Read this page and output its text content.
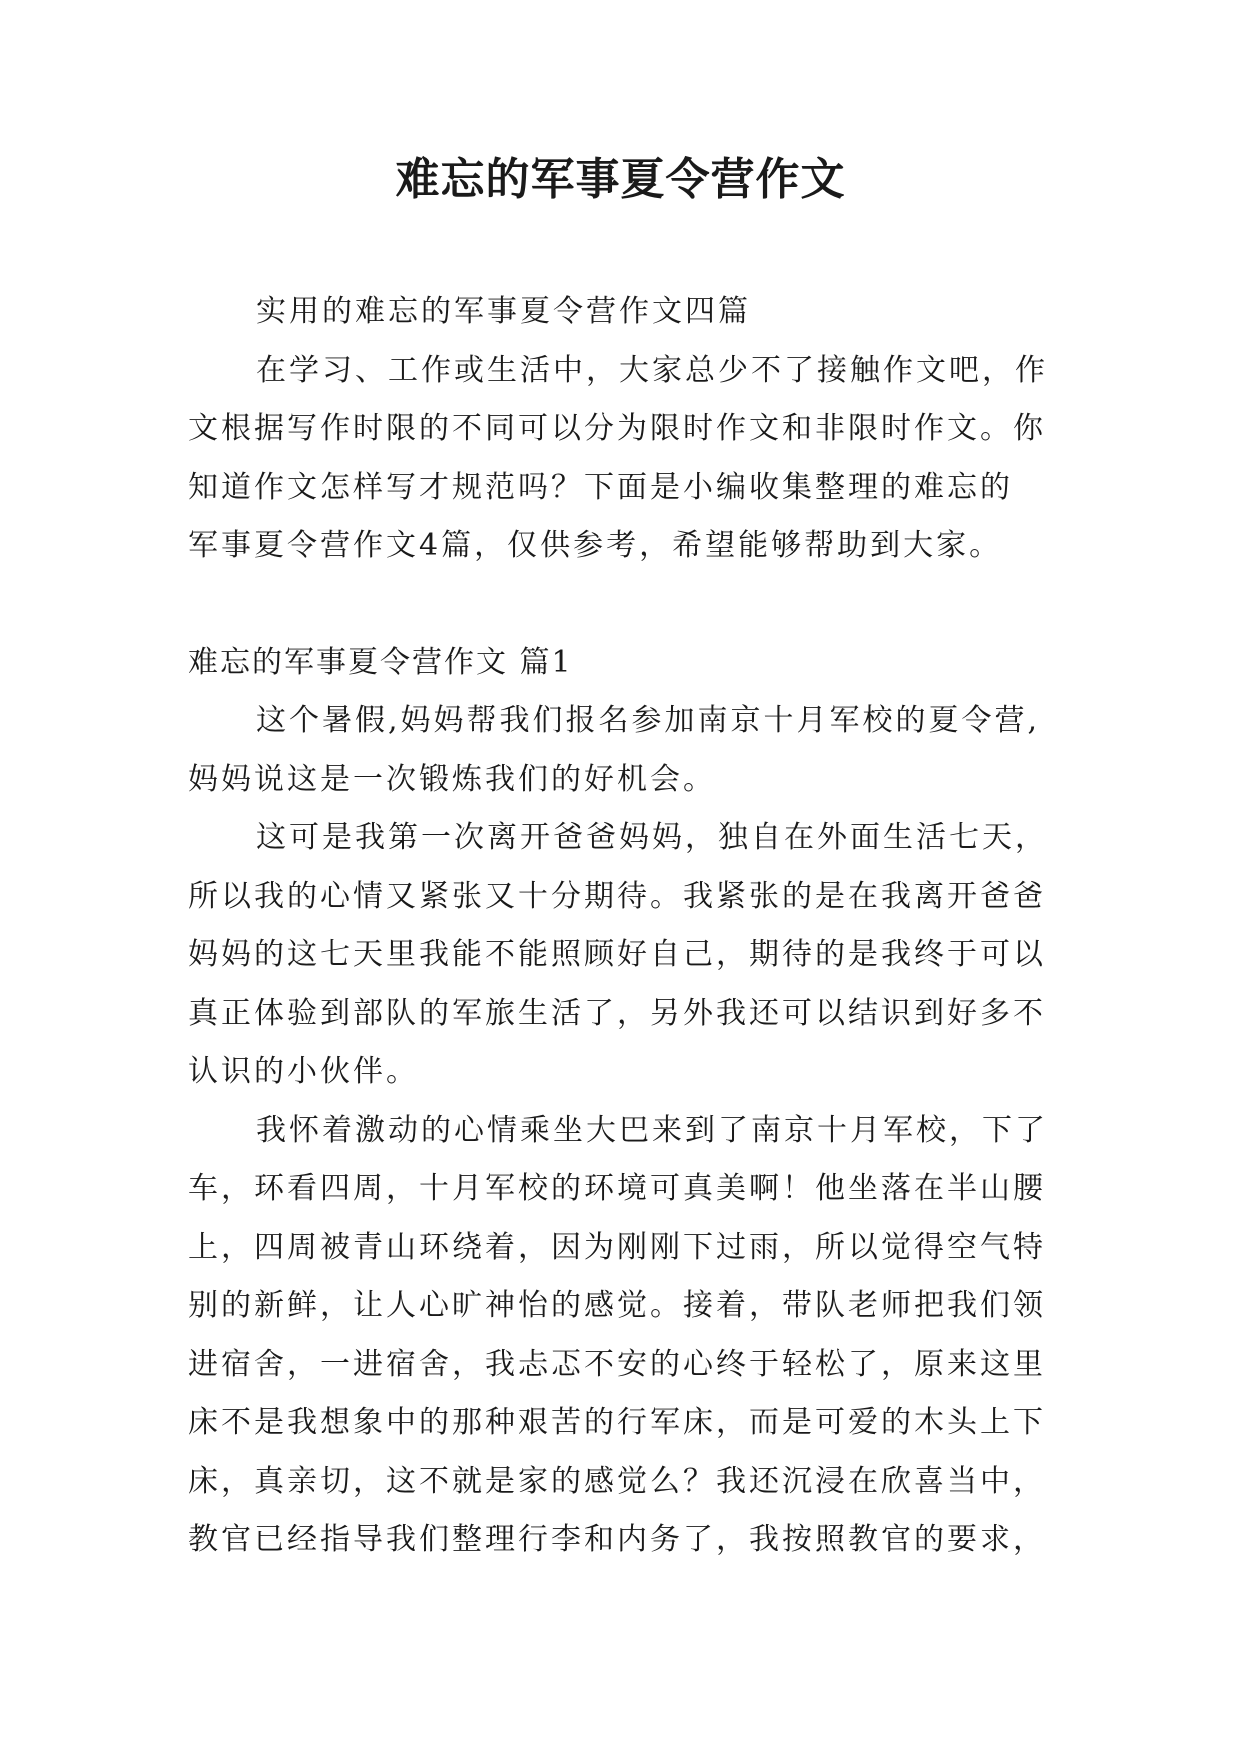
难忘的军事夏令营作文

实用的难忘的军事夏令营作文四篇

在学习、工作或生活中，大家总少不了接触作文吧，作

文根据写作时限的不同可以分为限时作文和非限时作文。你

知道作文怎样写才规范吗？下面是小编收集整理的难忘的

军事夏令营作文4篇，仅供参考，希望能够帮助到大家。

难忘的军事夏令营作文 篇1

这个暑假,妈妈帮我们报名参加南京十月军校的夏令营,

妈妈说这是一次锻炼我们的好机会。

这可是我第一次离开爸爸妈妈，独自在外面生活七天，

所以我的心情又紧张又十分期待。我紧张的是在我离开爸爸

妈妈的这七天里我能不能照顾好自己，期待的是我终于可以

真正体验到部队的军旅生活了，另外我还可以结识到好多不

认识的小伙伴。

我怀着激动的心情乘坐大巴来到了南京十月军校，下了

车，环看四周，十月军校的环境可真美啊！他坐落在半山腰

上，四周被青山环绕着，因为刚刚下过雨，所以觉得空气特

别的新鲜，让人心旷神怡的感觉。接着，带队老师把我们领

进宿舍，一进宿舍，我忐忑不安的心终于轻松了，原来这里

床不是我想象中的那种艰苦的行军床，而是可爱的木头上下

床，真亲切，这不就是家的感觉么？我还沉浸在欣喜当中，

教官已经指导我们整理行李和内务了，我按照教官的要求，
